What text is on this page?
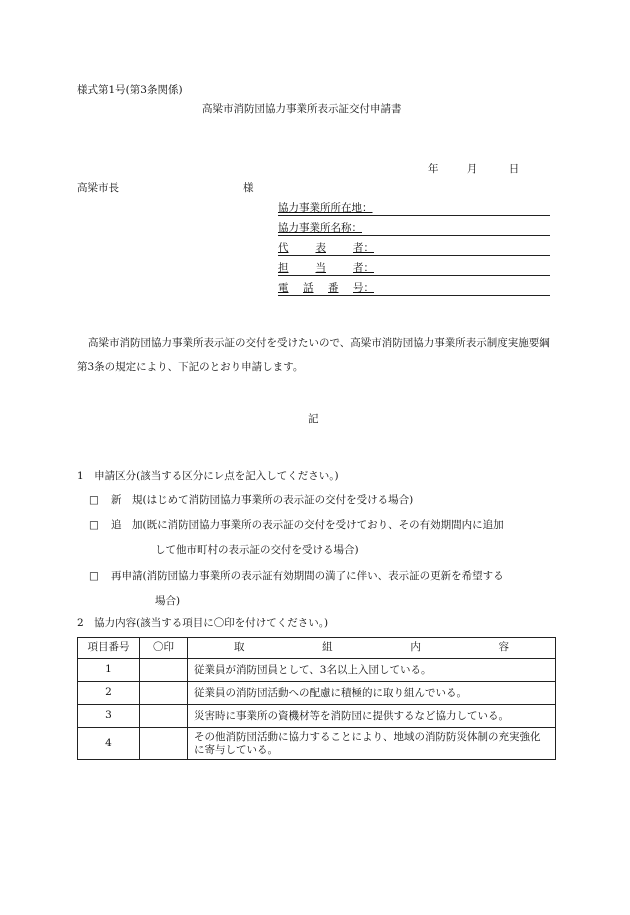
様式第1号(第3条関係)
高梁市消防団協力事業所表示証交付申請書
年	月	日
高梁市長	様
協力事業所所在地：
協力事業所名称：
代	表	者：
担	当	者：
電 話 番 号：
高梁市消防団協力事業所表示証の交付を受けたいので、高梁市消防団協力事業所表示制度実施要綱第3条の規定により、下記のとおり申請します。
記
1　申請区分(該当する区分にレ点を記入してください。)
□ 新　規(はじめて消防団協力事業所の表示証の交付を受ける場合)
□ 追　加(既に消防団協力事業所の表示証の交付を受けており、その有効期間内に追加
して他市町村の表示証の交付を受ける場合)
□ 再申請(消防団協力事業所の表示証有効期間の満了に伴い、表示証の更新を希望する
場合)
2　協力内容(該当する項目に〇印を付けてください。)
項目番号	〇印	取 組 内 容

1		従業員が消防団員として、3名以上入団している。
2		従業員の消防団活動への配慮に積極的に取り組んでいる。
3		災害時に事業所の資機材等を消防団に提供するなど協力している。
4		その他消防団活動に協力することにより、地域の消防防災体制の充実強化に寄与している。
